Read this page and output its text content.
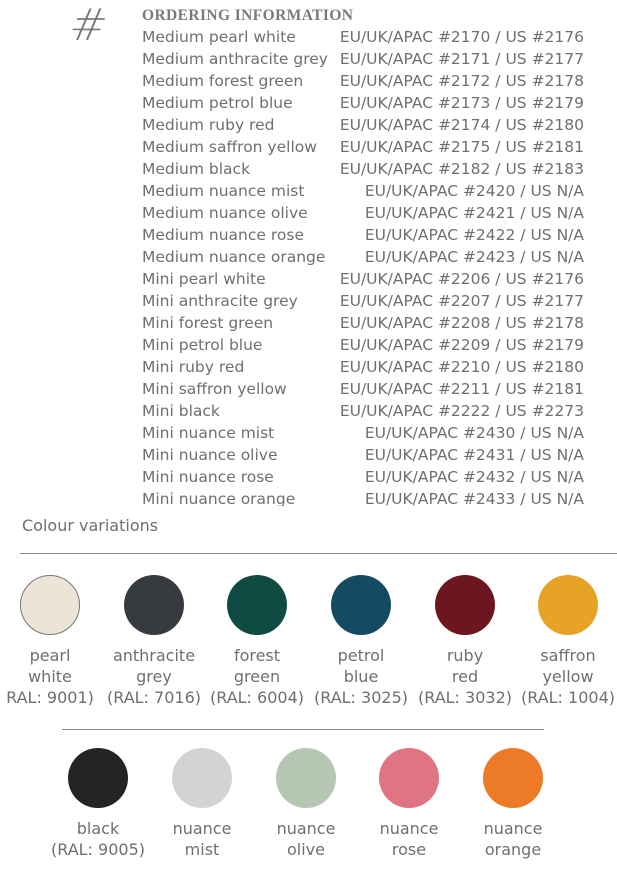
# ORDERING INFORMATION
Medium pearl white	EU/UK/APAC #2170 / US #2176
Medium anthracite grey EU/UK/APAC #2171 / US #2177
Medium forest green EU/UK/APAC #2172 / US #2178
Medium petrol blue	EU/UK/APAC #2173 / US #2179
Medium ruby red	EU/UK/APAC #2174 / US #2180
Medium saffron yellow EU/UK/APAC #2175 / US #2181
Medium black	EU/UK/APAC #2182 / US #2183
Medium nuance mist	EU/UK/APAC #2420 / US N/A
Medium nuance olive	EU/UK/APAC #2421 / US N/A
Medium nuance rose	EU/UK/APAC #2422 / US N/A
Medium nuance orange	EU/UK/APAC #2423 / US N/A
Mini pearl white	EU/UK/APAC #2206 / US #2176
Mini anthracite grey	EU/UK/APAC #2207 / US #2177
Mini forest green	EU/UK/APAC #2208 / US #2178
Mini petrol blue	EU/UK/APAC #2209 / US #2179
Mini ruby red	EU/UK/APAC #2210 / US #2180
Mini saffron yellow	EU/UK/APAC #2211 / US #2181
Mini black	EU/UK/APAC #2222 / US #2273
Mini nuance mist	EU/UK/APAC #2430 / US N/A
Mini nuance olive	EU/UK/APAC #2431 / US N/A
Mini nuance rose	EU/UK/APAC #2432 / US N/A
Mini nuance orange	EU/UK/APAC #2433 / US N/A
Colour variations
pearl
white
RAL: 9001)
anthracite
grey
(RAL: 7016)
forest
green
(RAL: 6004)
petrol
blue
(RAL: 3025)
ruby
red
(RAL: 3032)
saffron
yellow
(RAL: 1004)
black
(RAL: 9005)
nuance
mist
nuance
olive
nuance
rose
nuance
orange
